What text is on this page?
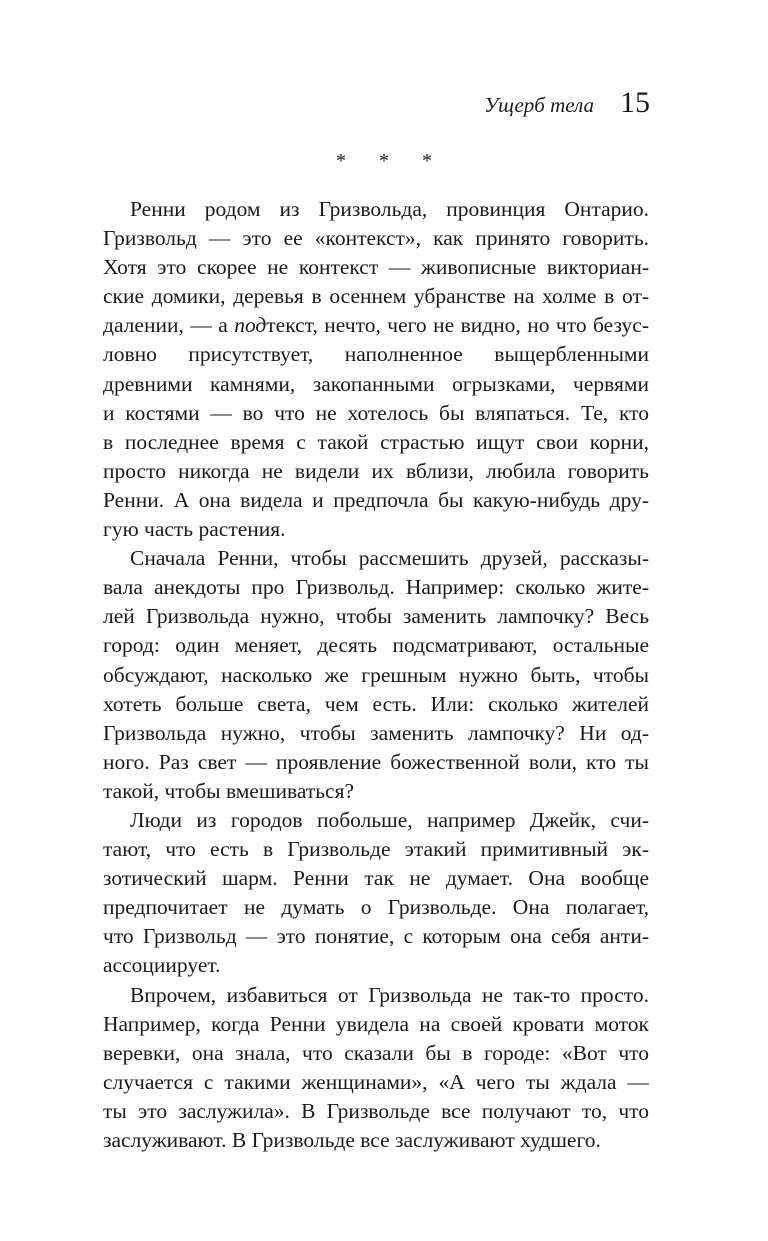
Ущерб тела 15
* * *

Ренни родом из Гризвольда, провинция Онтарио.
Гризвольд — это ее «контекст», как принято говорить.
Хотя это скорее не контекст — живописные викториан-
ские домики, деревья в осеннем убранстве на холме в от-
далении, — а подтекст, нечто, чего не видно, но что безус-
ловно присутствует, наполненное выщербленными
древними камнями, закопанными огрызками, червями
и костями — во что не хотелось бы вляпаться. Те, кто
в последнее время с такой страстью ищут свои корни,
просто никогда не видели их вблизи, любила говорить
Ренни. А она видела и предпочла бы какую-нибудь дру-
гую часть растения.

Сначала Ренни, чтобы рассмешить друзей, рассказы-
вала анекдоты про Гризвольд. Например: сколько жите-
лей Гризвольда нужно, чтобы заменить лампочку? Весь
город: один меняет, десять подсматривают, остальные
обсуждают, насколько же грешным нужно быть, чтобы
хотеть больше света, чем есть. Или: сколько жителей
Гризвольда нужно, чтобы заменить лампочку? Ни од-
ного. Раз свет — проявление божественной воли, кто ты
такой, чтобы вмешиваться?

Люди из городов побольше, например Джейк, счи-
тают, что есть в Гризвольде этакий примитивный эк-
зотический шарм. Ренни так не думает. Она вообще
предпочитает не думать о Гризвольде. Она полагает,
что Гризвольд — это понятие, с которым она себя анти-
ассоциирует.

Впрочем, избавиться от Гризвольда не так-то просто.
Например, когда Ренни увидела на своей кровати моток
веревки, она знала, что сказали бы в городе: «Вот что
случается с такими женщинами», «А чего ты ждала —
ты это заслужила». В Гризвольде все получают то, что
заслуживают. В Гризвольде все заслуживают худшего.
